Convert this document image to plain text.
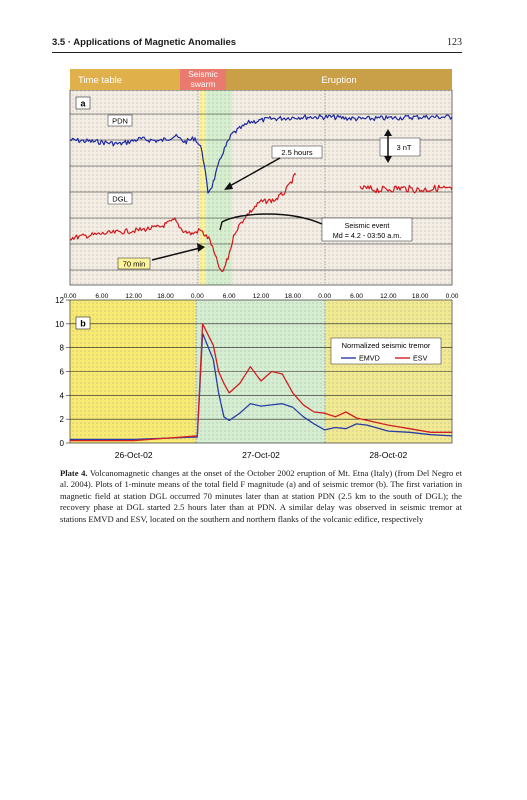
3.5 · Applications of Magnetic Anomalies	123
Time table
Seismic
swarm	Eruption
a
PDN
DGL
2.5 hours
70 min
3 nT
Seismic event
Md = 4.2 - 03:50 a.m.
0.00	6.00	12.00 18.00	0.00	6.00	12.00 18.00	0.00	6.00	12.00 18.00	0.00
0
2
4
6
8
10
12
b
Normalized seismic tremor
EMVD	ESV
26-Oct-02	27-Oct-02	28-Oct-02
Plate 4. Volcanomagnetic changes at the onset of the October 2002 eruption of Mt. Etna (Italy) (from Del Negro et al. 2004). Plots of 1-minute means of the total field F magnitude (a) and of seismic tremor (b). The first variation in magnetic field at station DGL occurred 70 minutes later than at station PDN (2.5 km to the south of DGL); the recovery phase at DGL started 2.5 hours later than at PDN. A similar delay was observed in seismic tremor at stations EMVD and ESV, located on the southern and northern flanks of the volcanic edifice, respectively
